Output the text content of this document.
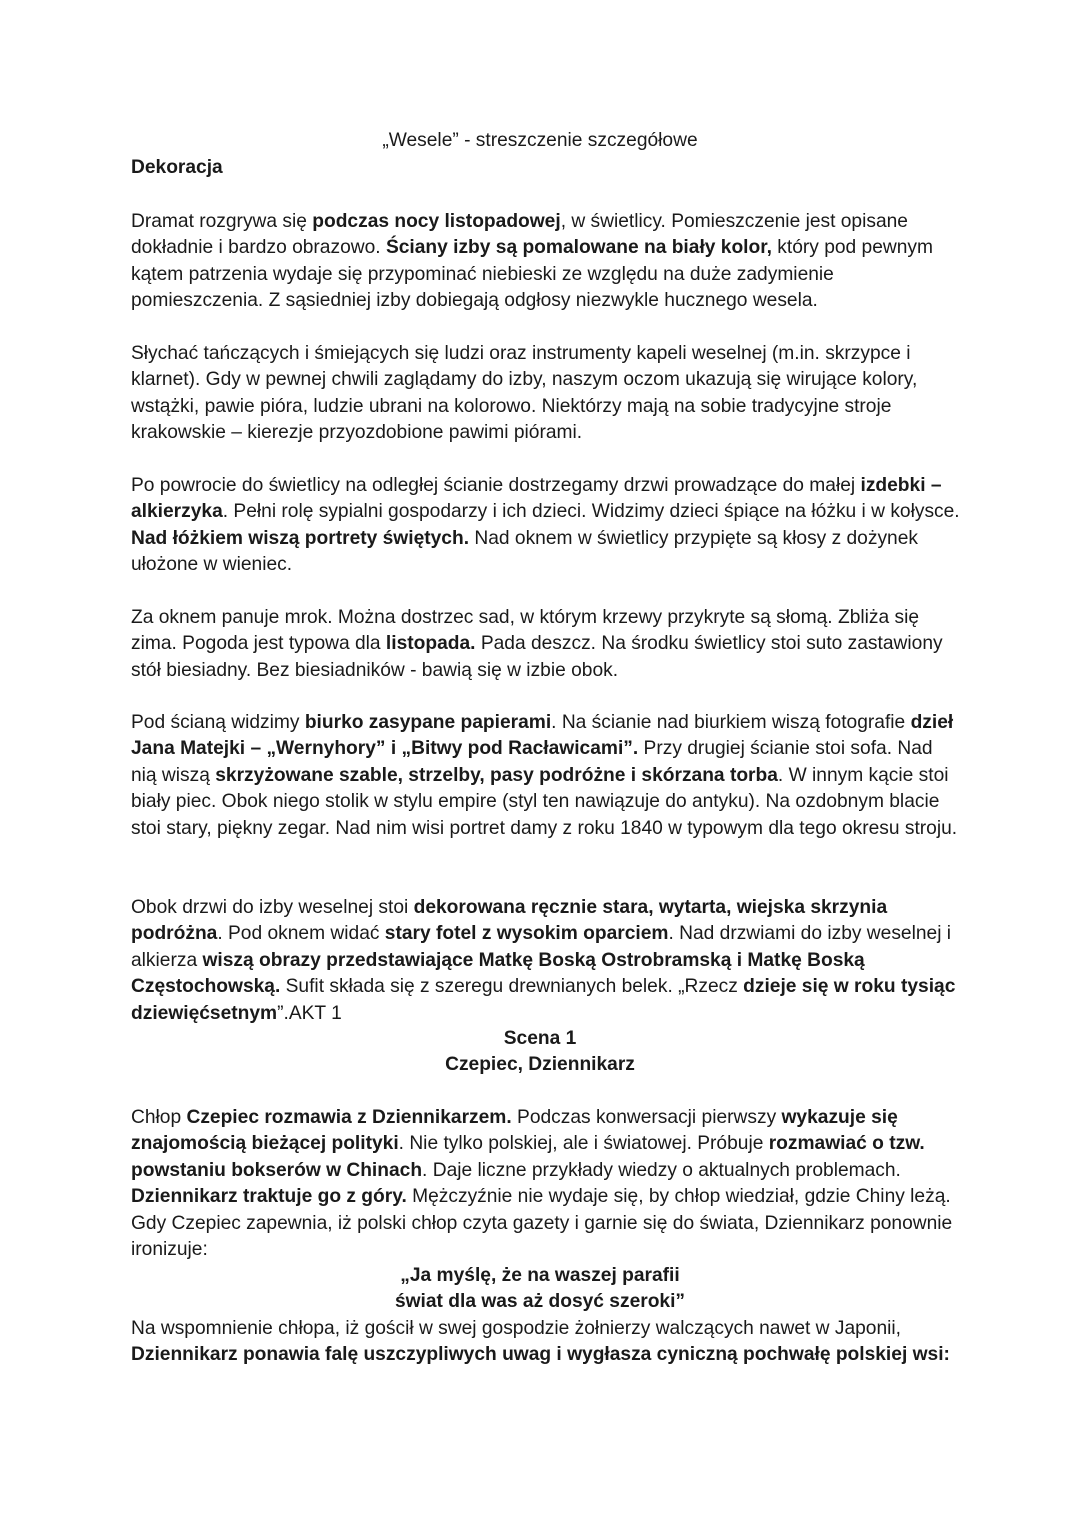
„Wesele” - streszczenie szczegółowe
Dekoracja

Dramat rozgrywa się podczas nocy listopadowej, w świetlicy. Pomieszczenie jest opisane dokładnie i bardzo obrazowo. Ściany izby są pomalowane na biały kolor, który pod pewnym kątem patrzenia wydaje się przypominać niebieski ze względu na duże zadymienie pomieszczenia. Z sąsiedniej izby dobiegają odgłosy niezwykle hucznego wesela.

Słychać tańczących i śmiejących się ludzi oraz instrumenty kapeli weselnej (m.in. skrzypce i klarnet). Gdy w pewnej chwili zaglądamy do izby, naszym oczom ukazują się wirujące kolory, wstążki, pawie pióra, ludzie ubrani na kolorowo. Niektórzy mają na sobie tradycyjne stroje krakowskie – kierezje przyozdobione pawimi piórami.

Po powrocie do świetlicy na odległej ścianie dostrzegamy drzwi prowadzące do małej izdebki – alkierzyka. Pełni rolę sypialni gospodarzy i ich dzieci. Widzimy dzieci śpiące na łóżku i w kołysce. Nad łóżkiem wiszą portrety świętych. Nad oknem w świetlicy przypięte są kłosy z dożynek ułożone w wieniec.

Za oknem panuje mrok. Można dostrzec sad, w którym krzewy przykryte są słomą. Zbliża się zima. Pogoda jest typowa dla listopada. Pada deszcz. Na środku świetlicy stoi suto zastawiony stół biesiadny. Bez biesiadników - bawią się w izbie obok.

Pod ścianą widzimy biurko zasypane papierami. Na ścianie nad biurkiem wiszą fotografie dzieł Jana Matejki – „Wernyhory” i „Bitwy pod Racławicami”. Przy drugiej ścianie stoi sofa. Nad nią wiszą skrzyżowane szable, strzelby, pasy podróżne i skórzana torba. W innym kącie stoi biały piec. Obok niego stolik w stylu empire (styl ten nawiązuje do antyku). Na ozdobnym blacie stoi stary, piękny zegar. Nad nim wisi portret damy z roku 1840 w typowym dla tego okresu stroju.

Obok drzwi do izby weselnej stoi dekorowana ręcznie stara, wytarta, wiejska skrzynia podróżna. Pod oknem widać stary fotel z wysokim oparciem. Nad drzwiami do izby weselnej i alkierza wiszą obrazy przedstawiające Matkę Boską Ostrobramską i Matkę Boską Częstochowską. Sufit składa się z szeregu drewnianych belek. „Rzecz dzieje się w roku tysiąc dziewięćsetnym”.AKT 1

Scena 1
Czepiec, Dziennikarz

Chłop Czepiec rozmawia z Dziennikarzem. Podczas konwersacji pierwszy wykazuje się znajomością bieżącej polityki. Nie tylko polskiej, ale i światowej. Próbuje rozmawiać o tzw. powstaniu bokserów w Chinach. Daje liczne przykłady wiedzy o aktualnych problemach. Dziennikarz traktuje go z góry. Mężczyźnie nie wydaje się, by chłop wiedział, gdzie Chiny leżą. Gdy Czepiec zapewnia, iż polski chłop czyta gazety i garnie się do świata, Dziennikarz ponownie ironizuje:

„Ja myślę, że na waszej parafii
świat dla was aż dosyć szeroki”

Na wspomnienie chłopa, iż gościł w swej gospodzie żołnierzy walczących nawet w Japonii, Dziennikarz ponawia falę uszczypliwych uwag i wygłasza cyniczną pochwałę polskiej wsi:
